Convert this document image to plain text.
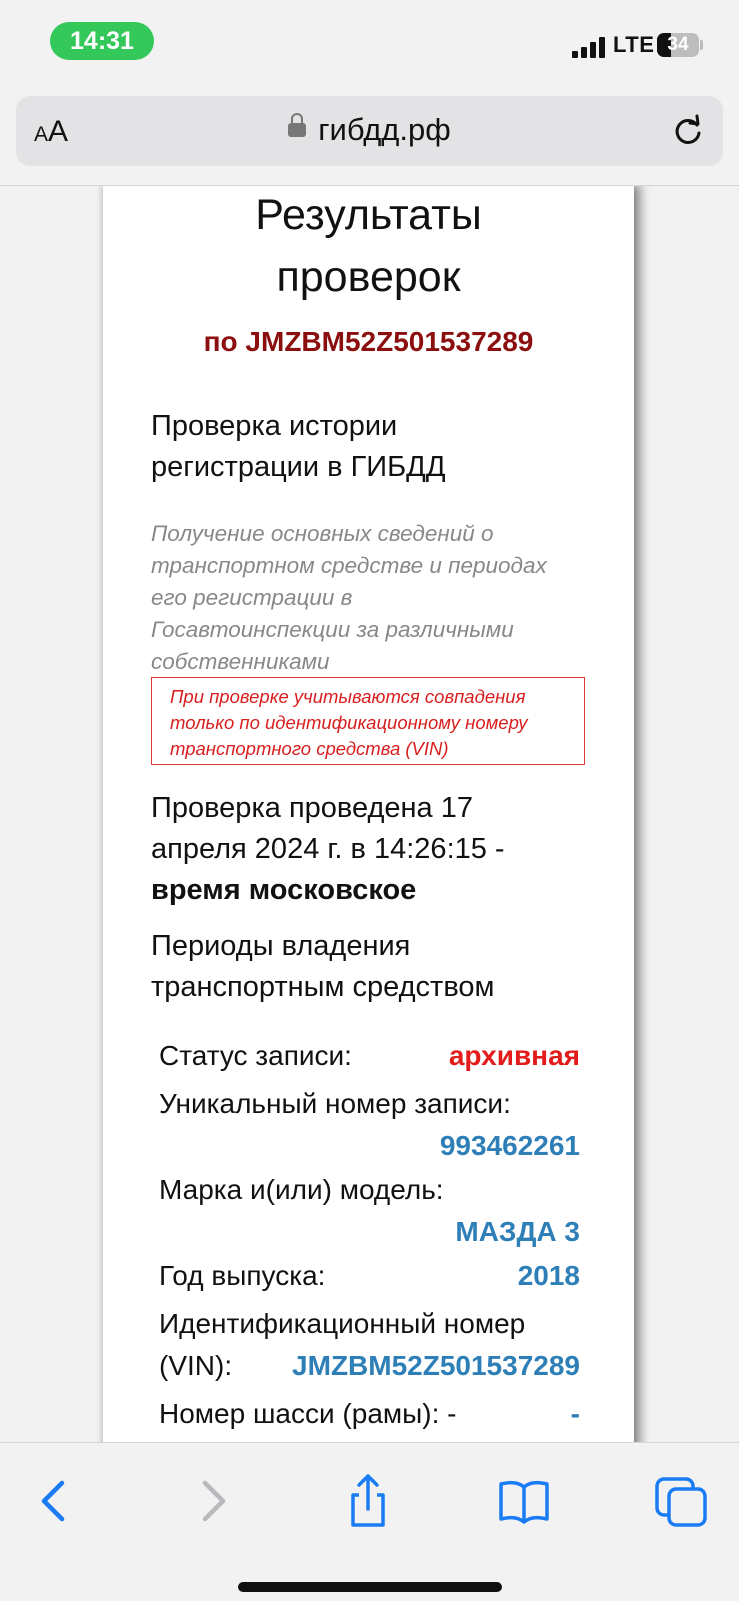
14:31	LTE 34
AA	гибдд.рф
Результаты
проверок
по JMZBM52Z501537289
Проверка истории
регистрации в ГИБДД
Получение основных сведений о
транспортном средстве и периодах
его регистрации в
Госавтоинспекции за различными
собственниками
При проверке учитываются совпадения
только по идентификационному номеру
транспортного средства (VIN)
Проверка проведена 17
апреля 2024 г. в 14:26:15 -
время московское
Периоды владения
транспортным средством
Статус записи:	архивная
Уникальный номер записи:
993462261
Марка и(или) модель:
МАЗДА 3
Год выпуска:	2018
Идентификационный номер
(VIN): JMZBM52Z501537289
Номер шасси (рамы): -	-
